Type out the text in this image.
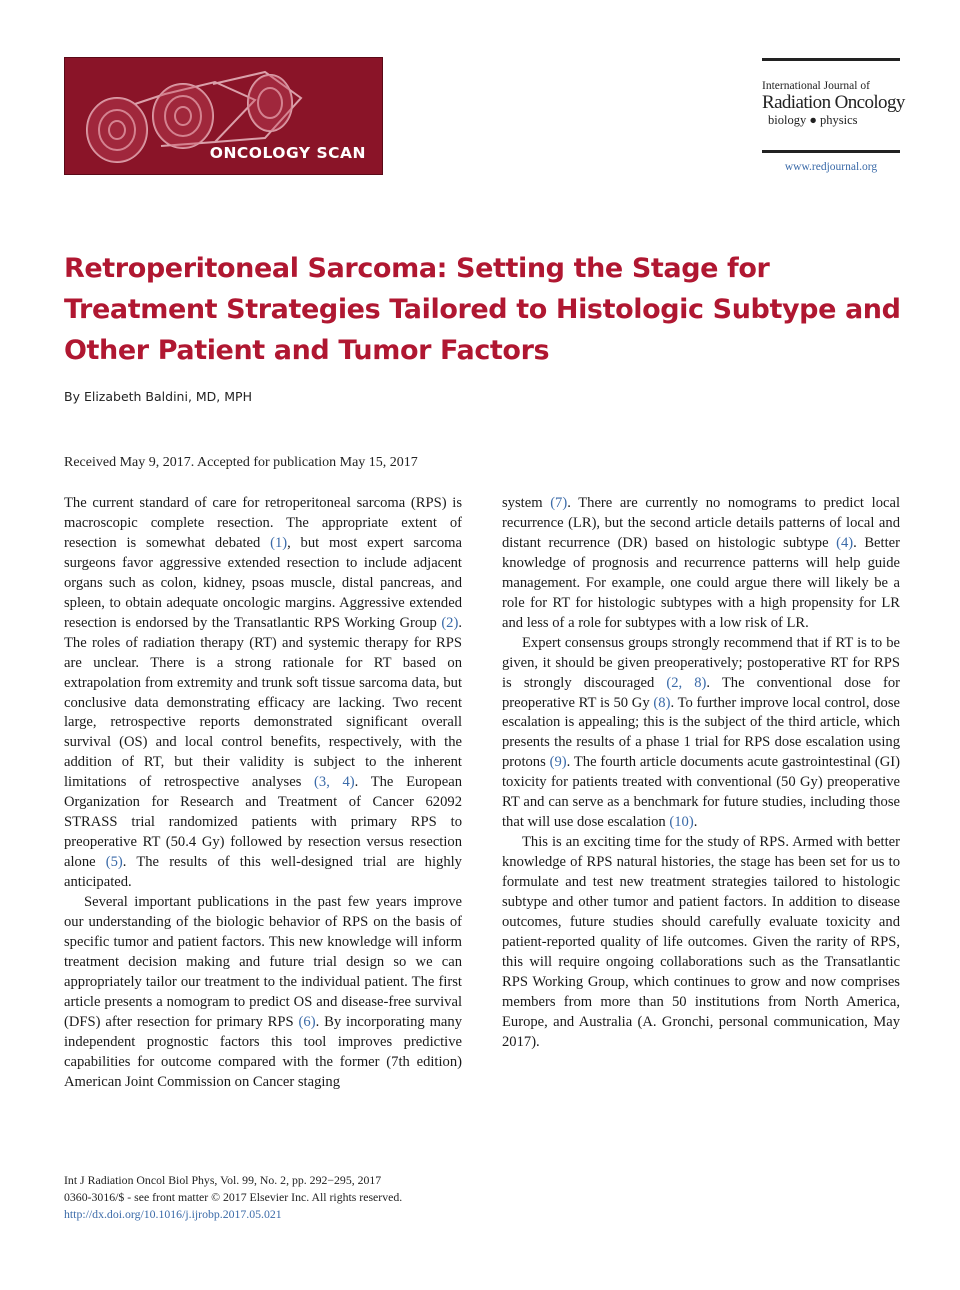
ONCOLOGY SCAN
International Journal of
Radiation Oncology
biology ● physics
www.redjournal.org
Retroperitoneal Sarcoma: Setting the Stage for Treatment Strategies Tailored to Histologic Subtype and Other Patient and Tumor Factors
By Elizabeth Baldini, MD, MPH
Received May 9, 2017. Accepted for publication May 15, 2017

The current standard of care for retroperitoneal sarcoma (RPS) is macroscopic complete resection. The appropriate extent of resection is somewhat debated (1), but most expert sarcoma surgeons favor aggressive extended resection to include adjacent organs such as colon, kidney, psoas muscle, distal pancreas, and spleen, to obtain adequate oncologic margins. Aggressive extended resection is endorsed by the Transatlantic RPS Working Group (2). The roles of radiation therapy (RT) and systemic therapy for RPS are unclear. There is a strong rationale for RT based on extrapolation from extremity and trunk soft tissue sarcoma data, but conclusive data demonstrating efficacy are lacking. Two recent large, retrospective reports demonstrated significant overall survival (OS) and local control benefits, respectively, with the addition of RT, but their validity is subject to the inherent limitations of retrospective analyses (3, 4). The European Organization for Research and Treatment of Cancer 62092 STRASS trial randomized patients with primary RPS to preoperative RT (50.4 Gy) followed by resection versus resection alone (5). The results of this well-designed trial are highly anticipated.

Several important publications in the past few years improve our understanding of the biologic behavior of RPS on the basis of specific tumor and patient factors. This new knowledge will inform treatment decision making and future trial design so we can appropriately tailor our treatment to the individual patient. The first article presents a nomogram to predict OS and disease-free survival (DFS) after resection for primary RPS (6). By incorporating many independent prognostic factors this tool improves predictive capabilities for outcome compared with the former (7th edition) American Joint Commission on Cancer staging

system (7). There are currently no nomograms to predict local recurrence (LR), but the second article details patterns of local and distant recurrence (DR) based on histologic subtype (4). Better knowledge of prognosis and recurrence patterns will help guide management. For example, one could argue there will likely be a role for RT for histologic subtypes with a high propensity for LR and less of a role for subtypes with a low risk of LR.

Expert consensus groups strongly recommend that if RT is to be given, it should be given preoperatively; postoperative RT for RPS is strongly discouraged (2, 8). The conventional dose for preoperative RT is 50 Gy (8). To further improve local control, dose escalation is appealing; this is the subject of the third article, which presents the results of a phase 1 trial for RPS dose escalation using protons (9). The fourth article documents acute gastrointestinal (GI) toxicity for patients treated with conventional (50 Gy) preoperative RT and can serve as a benchmark for future studies, including those that will use dose escalation (10).

This is an exciting time for the study of RPS. Armed with better knowledge of RPS natural histories, the stage has been set for us to formulate and test new treatment strategies tailored to histologic subtype and other tumor and patient factors. In addition to disease outcomes, future studies should carefully evaluate toxicity and patient-reported quality of life outcomes. Given the rarity of RPS, this will require ongoing collaborations such as the Transatlantic RPS Working Group, which continues to grow and now comprises members from more than 50 institutions from North America, Europe, and Australia (A. Gronchi, personal communication, May 2017).

Int J Radiation Oncol Biol Phys, Vol. 99, No. 2, pp. 292−295, 2017
0360-3016/$ - see front matter © 2017 Elsevier Inc. All rights reserved.
http://dx.doi.org/10.1016/j.ijrobp.2017.05.021
